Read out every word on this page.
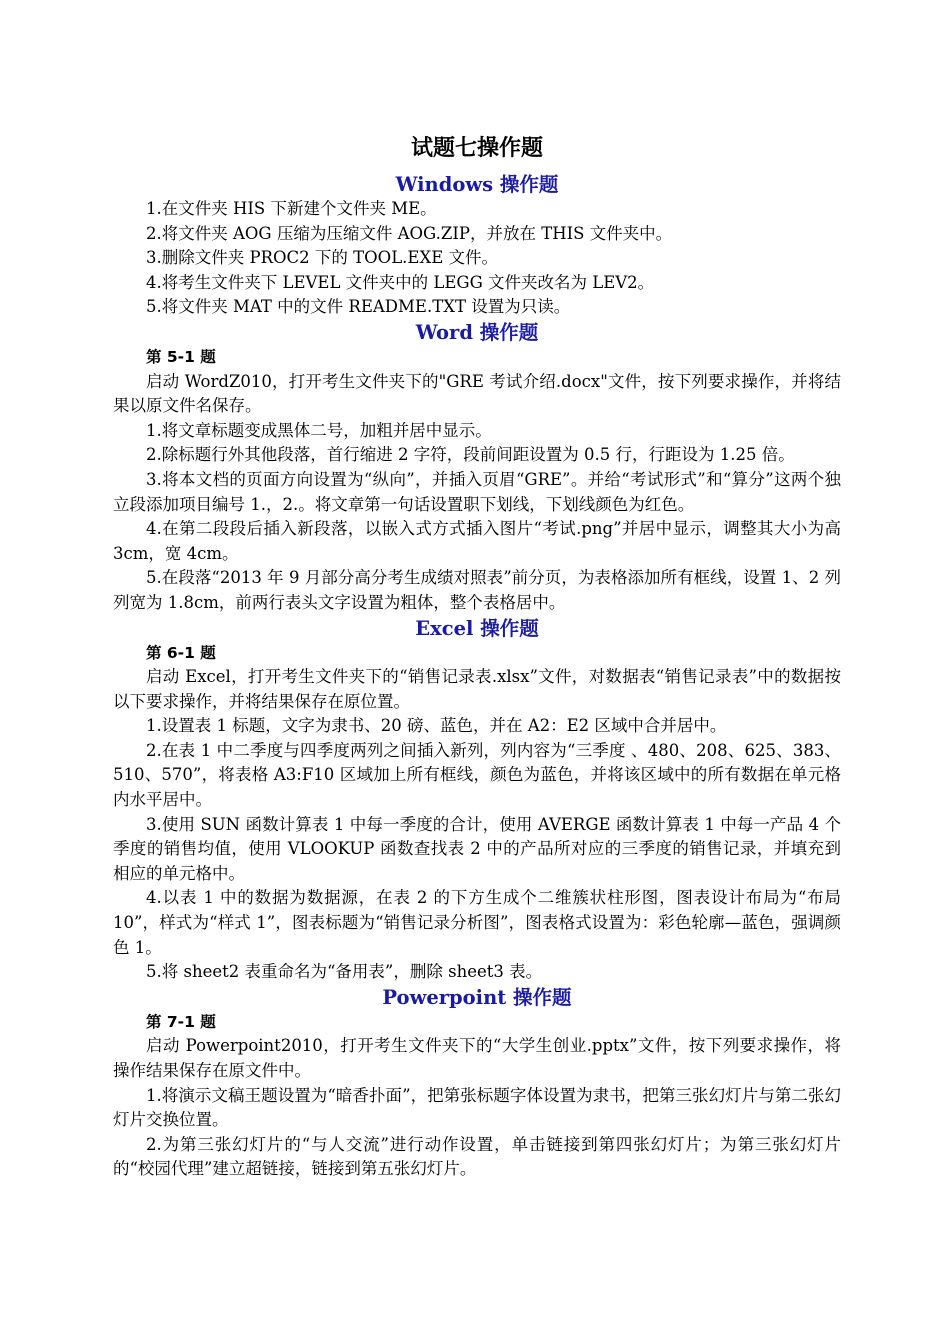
试题七操作题
Windows 操作题
1.在文件夹 HIS 下新建个文件夹 ME。
2.将文件夹 AOG 压缩为压缩文件 AOG.ZIP，并放在 THIS 文件夹中。
3.删除文件夹 PROC2 下的 TOOL.EXE 文件。
4.将考生文件夹下 LEVEL 文件夹中的 LEGG 文件夹改名为 LEV2。
5.将文件夹 MAT 中的文件 README.TXT 设置为只读。
Word 操作题
第 5-1 题
启动 WordZ010，打开考生文件夹下的"GRE 考试介绍.docx"文件，按下列要求操作，并将结果以原文件名保存。
1.将文章标题变成黑体二号，加粗并居中显示。
2.除标题行外其他段落，首行缩进 2 字符，段前间距设置为 0.5 行，行距设为 1.25 倍。
3.将本文档的页面方向设置为“纵向”，并插入页眉“GRE”。并给“考试形式”和“算分”这两个独立段添加项目编号 1.，2.。将文章第一句话设置职下划线，下划线颜色为红色。
4.在第二段段后插入新段落，以嵌入式方式插入图片“考试.png”并居中显示，调整其大小为高 3cm，宽 4cm。
5.在段落“2013 年 9 月部分高分考生成绩对照表”前分页，为表格添加所有框线，设置 1、2 列列宽为 1.8cm，前两行表头文字设置为粗体，整个表格居中。
Excel 操作题
第 6-1 题
启动 Excel，打开考生文件夹下的“销售记录表.xlsx”文件，对数据表“销售记录表”中的数据按以下要求操作，并将结果保存在原位置。
1.设置表 1 标题，文字为隶书、20 磅、蓝色，并在 A2：E2 区域中合并居中。
2.在表 1 中二季度与四季度两列之间插入新列，列内容为“三季度 、480、208、625、383、510、570”，将表格 A3:F10 区域加上所有框线，颜色为蓝色，并将该区域中的所有数据在单元格内水平居中。
3.使用 SUN 函数计算表 1 中每一季度的合计，使用 AVERGE 函数计算表 1 中每一产品 4 个季度的销售均值，使用 VLOOKUP 函数查找表 2 中的产品所对应的三季度的销售记录，并填充到相应的单元格中。
4.以表 1 中的数据为数据源，在表 2 的下方生成个二维簇状柱形图，图表设计布局为“布局 10”，样式为“样式 1”，图表标题为“销售记录分析图”，图表格式设置为：彩色轮廓—蓝色，强调颜色 1。
5.将 sheet2 表重命名为“备用表”，删除 sheet3 表。
Powerpoint 操作题
第 7-1 题
启动 Powerpoint2010，打开考生文件夹下的“大学生创业.pptx”文件，按下列要求操作，将操作结果保存在原文件中。
1.将演示文稿王题设置为“暗香扑面”，把第张标题字体设置为隶书，把第三张幻灯片与第二张幻灯片交换位置。
2.为第三张幻灯片的“与人交流”进行动作设置，单击链接到第四张幻灯片；为第三张幻灯片的“校园代理”建立超链接，链接到第五张幻灯片。
